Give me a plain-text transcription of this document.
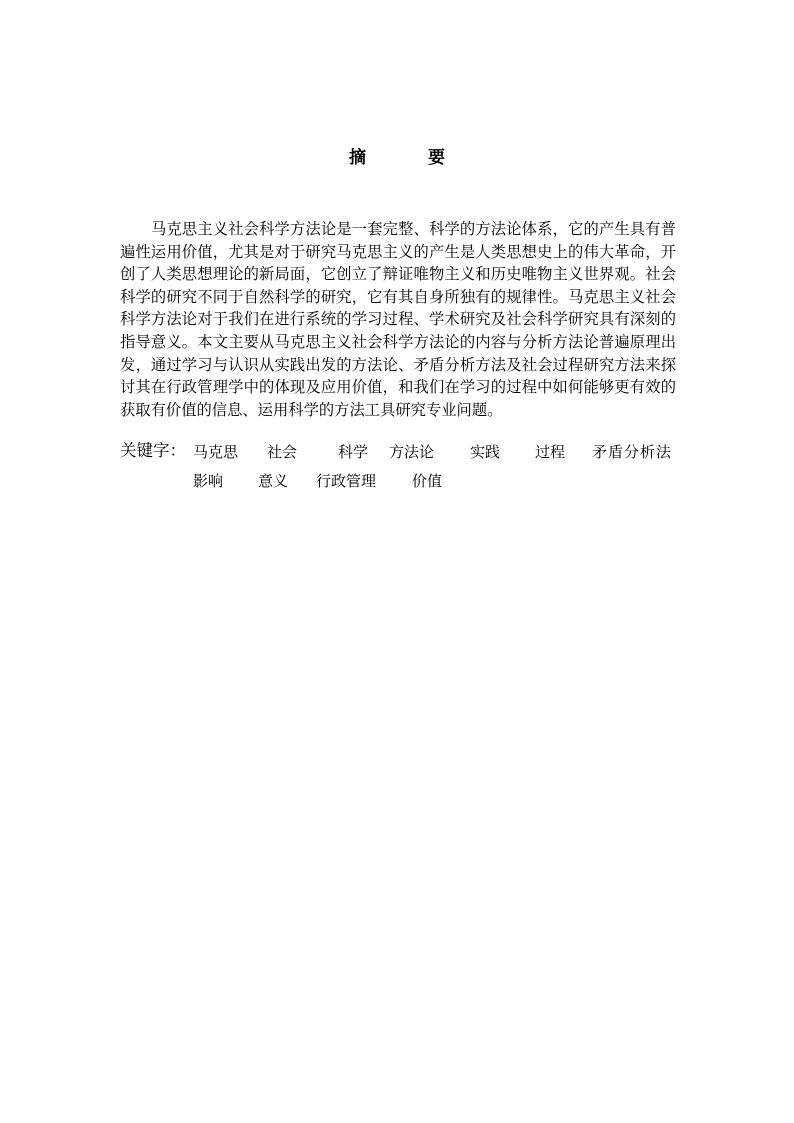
摘 要

马克思主义社会科学方法论是一套完整、科学的方法论体系，它的产生具有普遍性运用价值，尤其是对于研究马克思主义的产生是人类思想史上的伟大革命，开创了人类思想理论的新局面，它创立了辩证唯物主义和历史唯物主义世界观。社会科学的研究不同于自然科学的研究，它有其自身所独有的规律性。马克思主义社会科学方法论对于我们在进行系统的学习过程、学术研究及社会科学研究具有深刻的指导意义。本文主要从马克思主义社会科学方法论的内容与分析方法论普遍原理出发，通过学习与认识从实践出发的方法论、矛盾分析方法及社会过程研究方法来探讨其在行政管理学中的体现及应用价值，和我们在学习的过程中如何能够更有效的获取有价值的信息、运用科学的方法工具研究专业问题。

关键字： 马克思 社会	科学 方法论 实践 过程 矛盾分析法
影响 意义 行政管理 价值
